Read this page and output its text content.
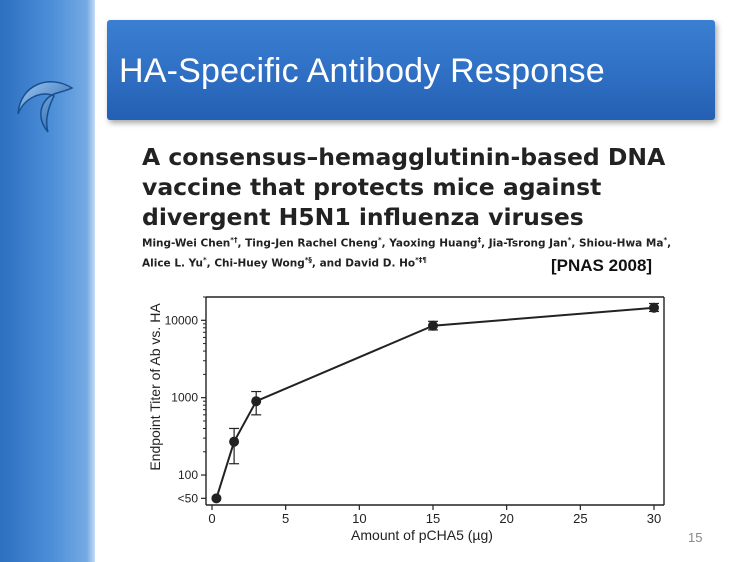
HA-Specific Antibody Response

A consensus–hemagglutinin-based DNA vaccine that protects mice against divergent H5N1 influenza viruses

Ming-Wei Chen*†, Ting-Jen Rachel Cheng*, Yaoxing Huang‡, Jia-Tsrong Jan*, Shiou-Hwa Ma*, Alice L. Yu*, Chi-Huey Wong*§, and David D. Ho*‡¶	[PNAS 2008]
0	5	10	15	20	25	30
<50
100
1000
10000
Amount of pCHA5 (µg)
Endpoint Titer of Ab vs. HA
15
